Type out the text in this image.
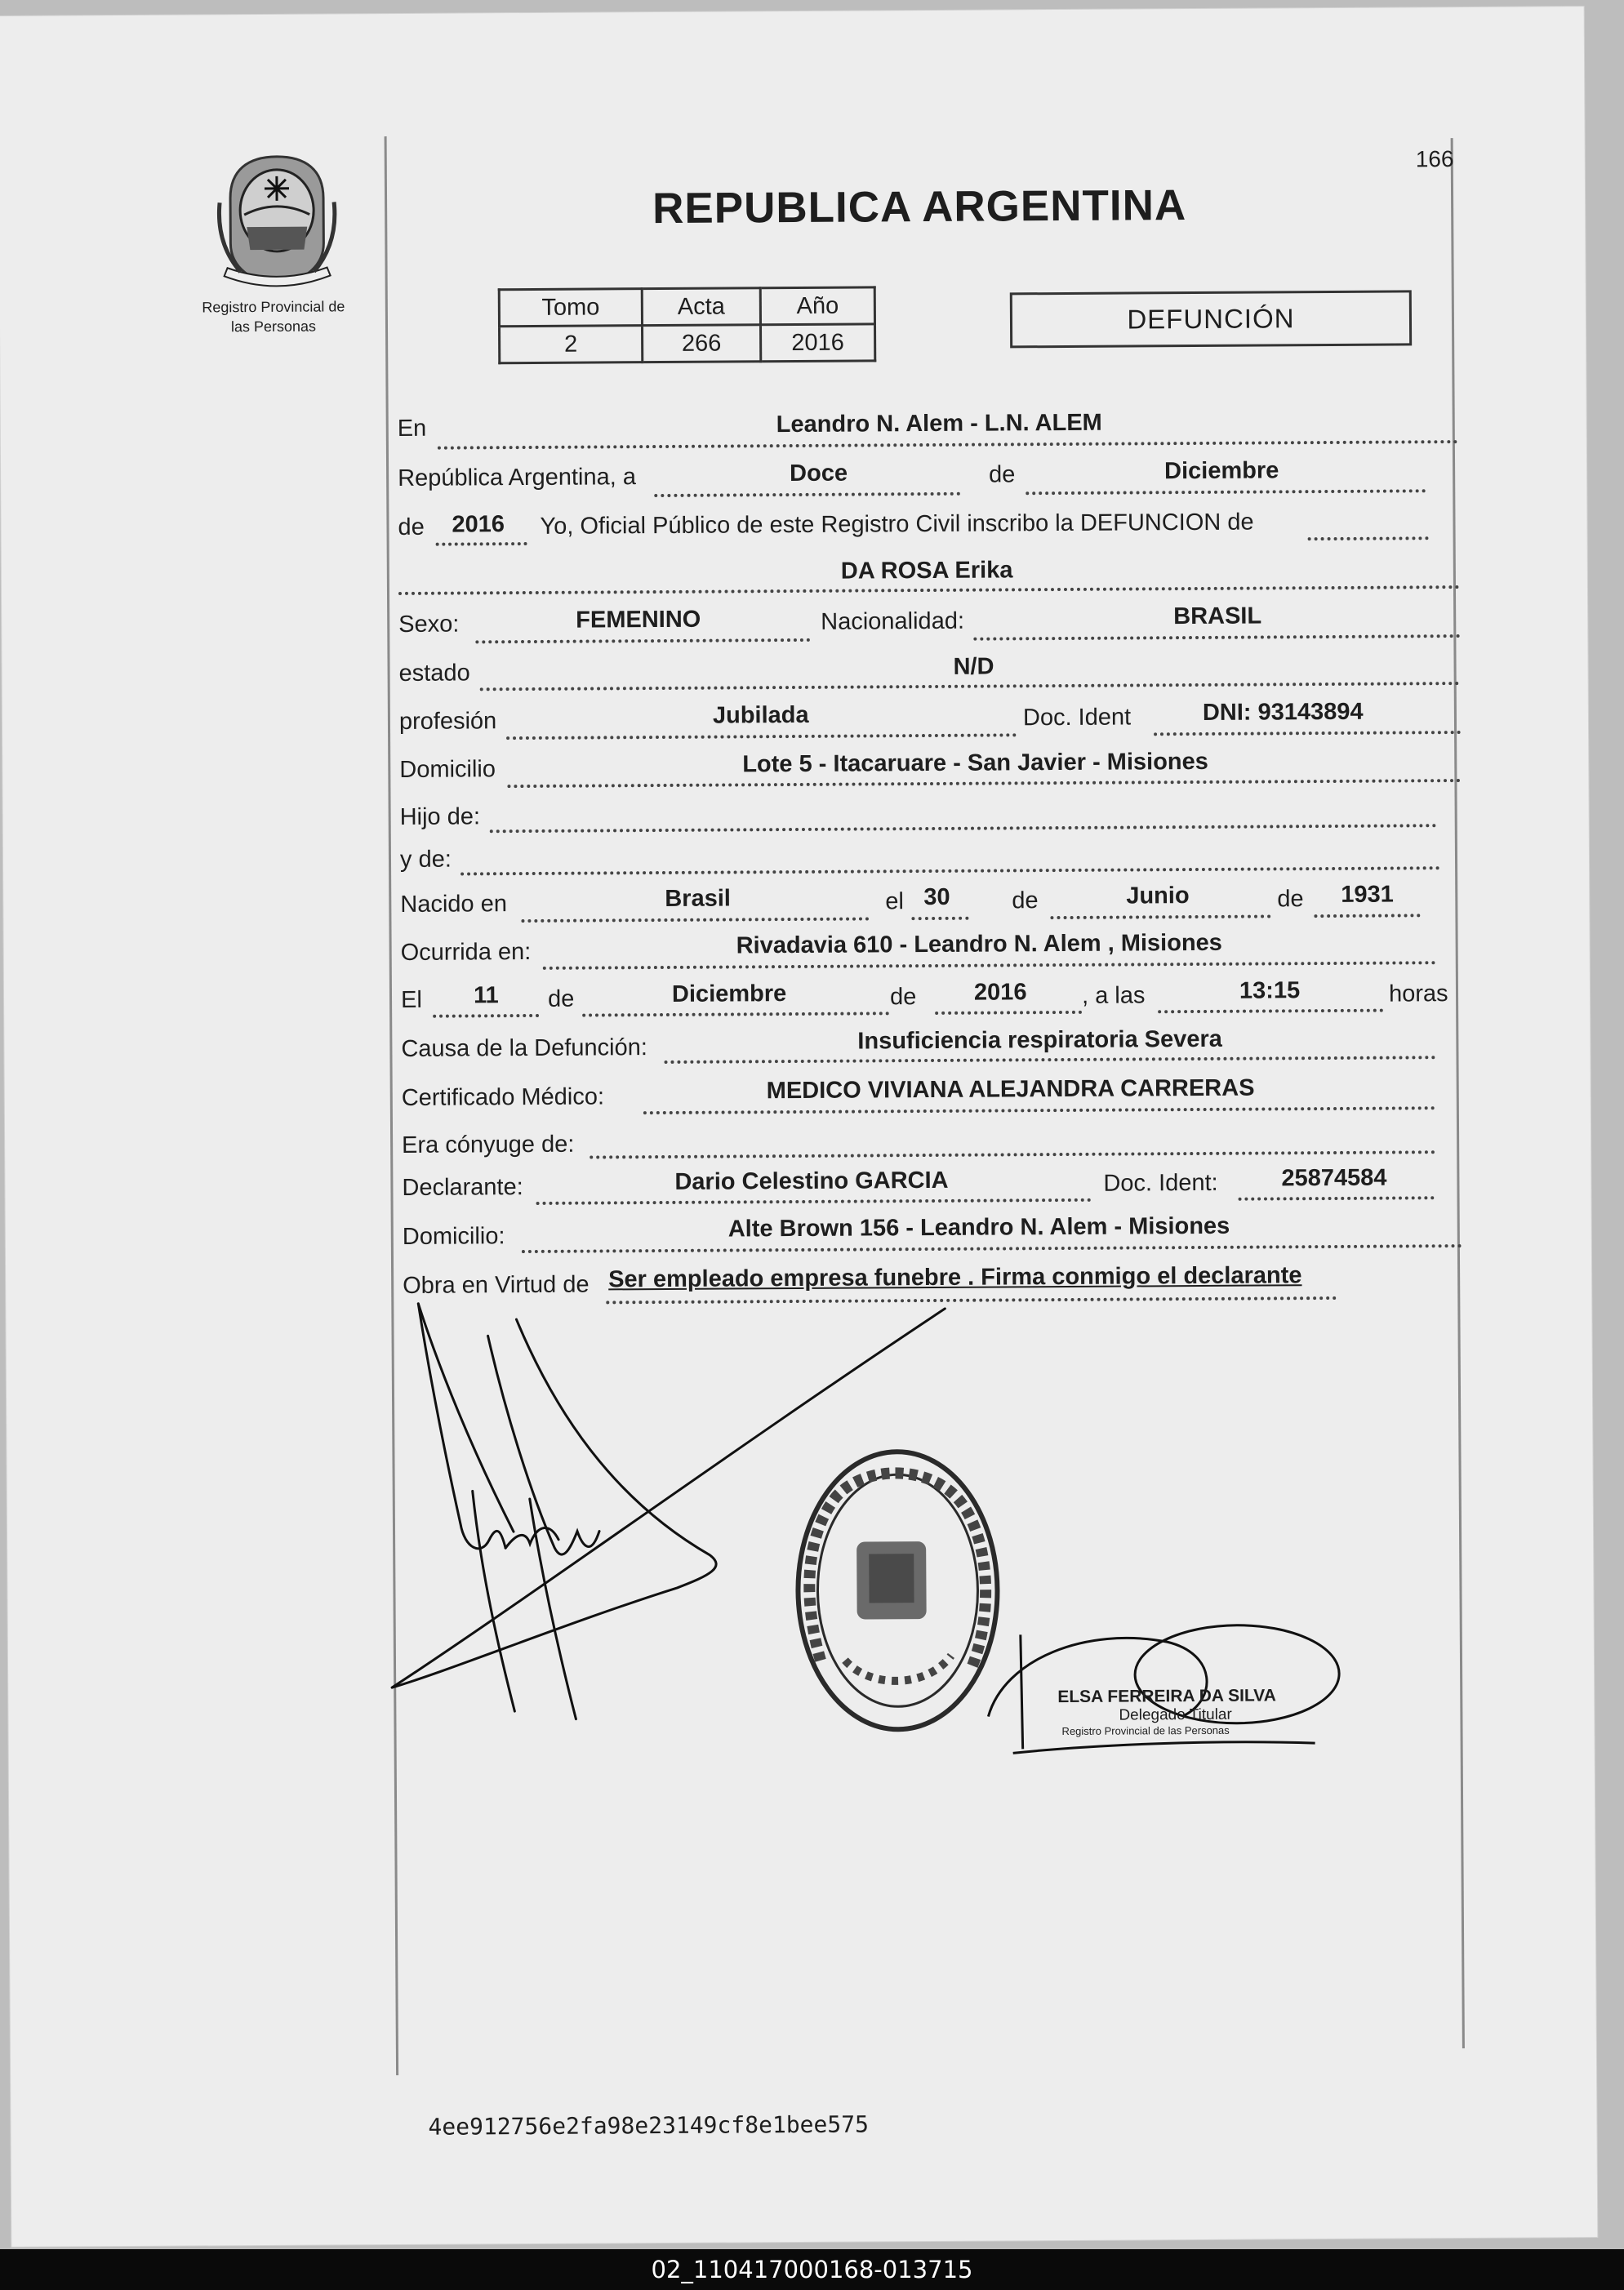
Registro Provincial de
las Personas
166
REPUBLICA ARGENTINA
Tomo	Acta	Año
2	266	2016
DEFUNCIÓN
En	Leandro N. Alem - L.N. ALEM
República Argentina, a	Doce	de	Diciembre
de 2016 Yo, Oficial Público de este Registro Civil inscribo la DEFUNCION de
DA ROSA Erika
Sexo:	FEMENINO	Nacionalidad:	BRASIL
estado	N/D
profesión	Jubilada	Doc. Ident	DNI: 93143894
Domicilio	Lote 5 - Itacaruare - San Javier - Misiones
Hijo de:
y de:
Nacido en	Brasil	el 30	de	Junio	de 1931
Ocurrida en:	Rivadavia 610 - Leandro N. Alem , Misiones
El 11 de	Diciembre	de 2016 , a las	13:15	horas
Causa de la Defunción:	Insuficiencia respiratoria Severa
Certificado Médico:	MEDICO VIVIANA ALEJANDRA CARRERAS
Era cónyuge de:
Declarante:	Dario Celestino GARCIA	Doc. Ident:	25874584
Domicilio:	Alte Brown 156 - Leandro N. Alem - Misiones
Obra en Virtud de Ser empleado empresa funebre . Firma conmigo el declarante
ELSA FERREIRA DA SILVA
Delegado Titular
Registro Provincial de las Personas
4ee912756e2fa98e23149cf8e1bee575
02_110417000168-013715
